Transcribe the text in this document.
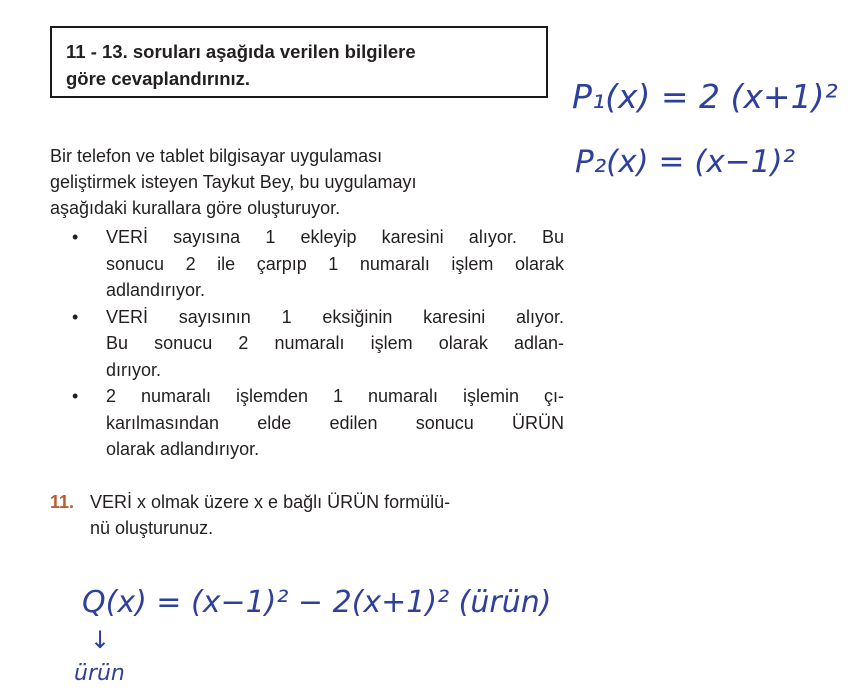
11 - 13. soruları aşağıda verilen bilgilere
göre cevaplandırınız.
Bir telefon ve tablet bilgisayar uygulaması
geliştirmek isteyen Taykut Bey, bu uygulamayı
aşağıdaki kurallara göre oluşturuyor.
• VERİ sayısına 1 ekleyip karesini alıyor. Bu
sonucu 2 ile çarpıp 1 numaralı işlem olarak
adlandırıyor.
• VERİ sayısının 1 eksiğinin karesini alıyor.
Bu sonucu 2 numaralı işlem olarak adlan-
dırıyor.
• 2 numaralı işlemden 1 numaralı işlemin çı-
karılmasından elde edilen sonucu ÜRÜN
olarak adlandırıyor.
11. VERİ x olmak üzere x e bağlı ÜRÜN formülü-
nü oluşturunuz.
P₁(x) = 2 (x+1)²
P₂(x) = (x−1)²
Q(x) = (x−1)² − 2(x+1)² (ürün)
↓
ürün
